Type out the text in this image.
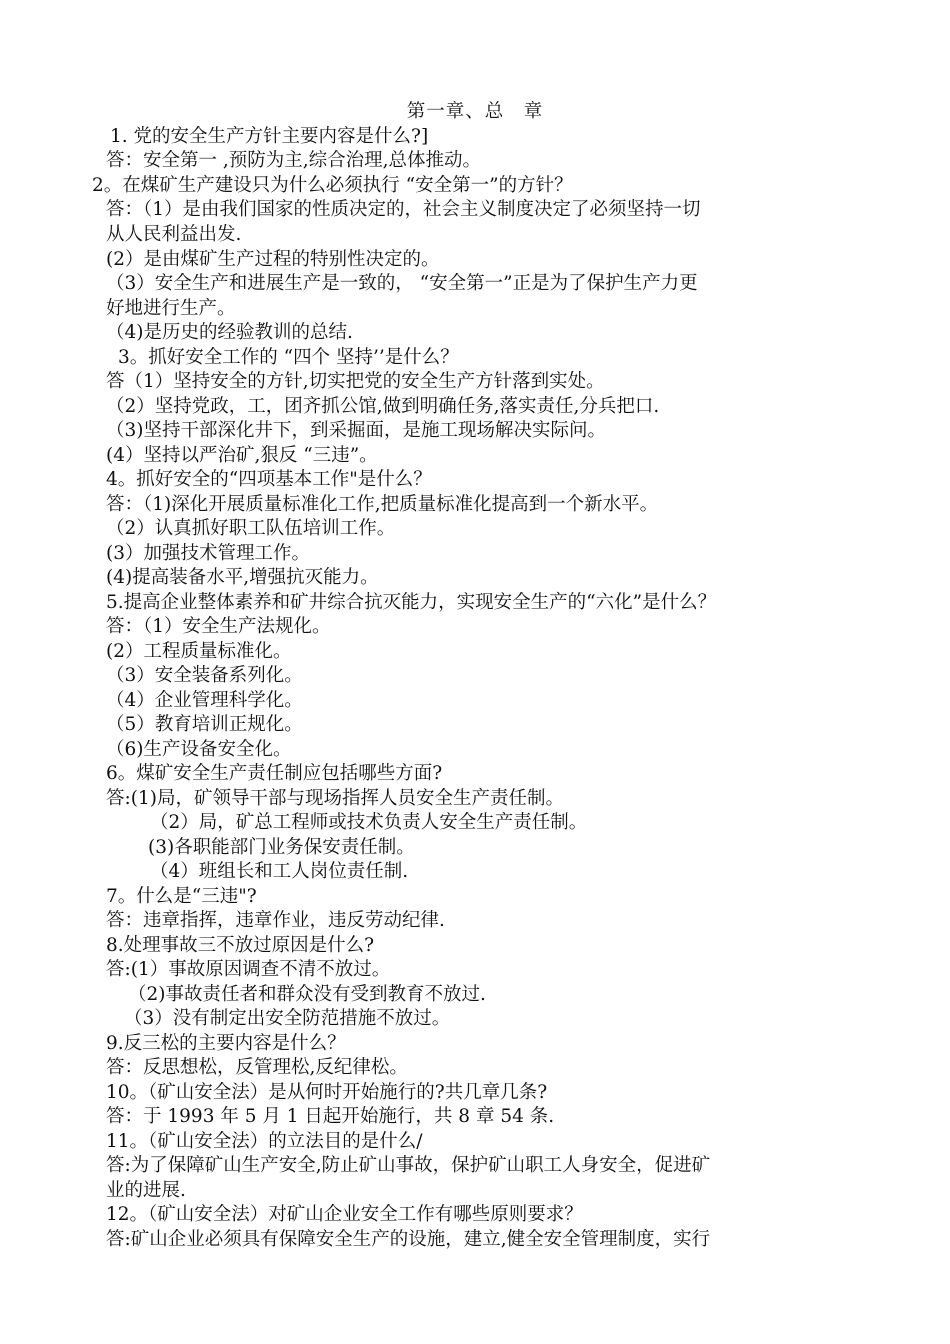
第一章、总　章
1. 党的安全生产方针主要内容是什么?]
答：安全第一 ,预防为主,综合治理,总体推动。
2。在煤矿生产建设只为什么必须执行 “安全第一”的方针？
答：（1）是由我们国家的性质决定的，社会主义制度决定了必须坚持一切
从人民利益出发.
(2）是由煤矿生产过程的特别性决定的。
（3）安全生产和进展生产是一致的， “安全第一”正是为了保护生产力更
好地进行生产。
（4)是历史的经验教训的总结.
3。抓好安全工作的 “四个 坚持’’是什么？
答（1）坚持安全的方针,切实把党的安全生产方针落到实处。
（2）坚持党政，工，团齐抓公馆,做到明确任务,落实责任,分兵把口.
（3)坚持干部深化井下，到采掘面，是施工现场解决实际问。
(4）坚持以严治矿,狠反 “三违”。
4。抓好安全的“四项基本工作"是什么？
答：（1)深化开展质量标准化工作,把质量标准化提高到一个新水平。
（2）认真抓好职工队伍培训工作。
(3）加强技术管理工作。
(4)提高装备水平,增强抗灭能力。
5.提高企业整体素养和矿井综合抗灭能力，实现安全生产的“六化”是什么？
答：（1）安全生产法规化。
(2）工程质量标准化。
（3）安全装备系列化。
（4）企业管理科学化。
（5）教育培训正规化。
（6)生产设备安全化。
6。煤矿安全生产责任制应包括哪些方面?
答:(1)局，矿领导干部与现场指挥人员安全生产责任制。
（2）局，矿总工程师或技术负责人安全生产责任制。
(3)各职能部门业务保安责任制。
（4）班组长和工人岗位责任制.
7。什么是“三违"?
答：违章指挥，违章作业，违反劳动纪律.
8.处理事故三不放过原因是什么?
答:(1）事故原因调查不清不放过。
（2)事故责任者和群众没有受到教育不放过.
（3）没有制定出安全防范措施不放过。
9.反三松的主要内容是什么？
答：反思想松，反管理松,反纪律松。
10。（矿山安全法）是从何时开始施行的?共几章几条?
答：于 1993 年 5 月 1 日起开始施行，共 8 章 54 条.
11。（矿山安全法）的立法目的是什么/
答:为了保障矿山生产安全,防止矿山事故，保护矿山职工人身安全，促进矿
业的进展.
12。（矿山安全法）对矿山企业安全工作有哪些原则要求？
答:矿山企业必须具有保障安全生产的设施，建立,健全安全管理制度，实行
